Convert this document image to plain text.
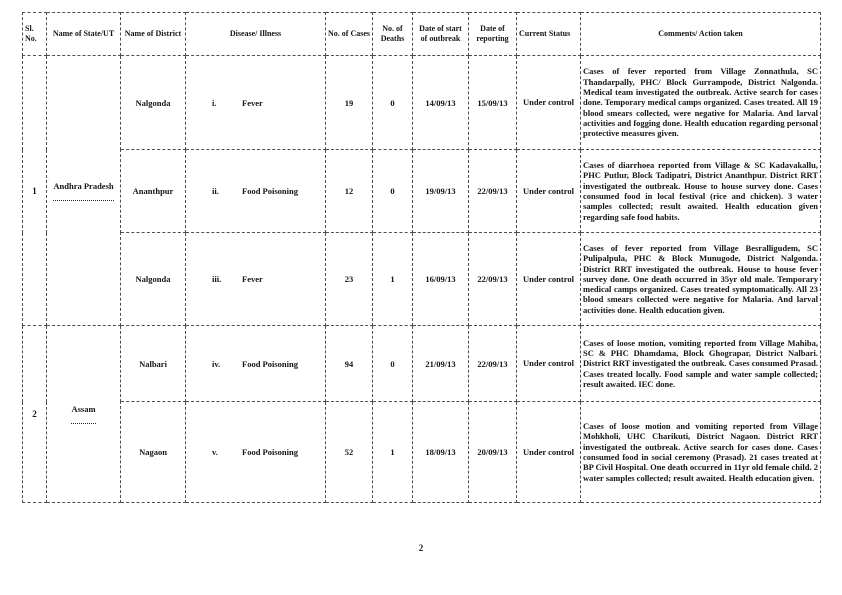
Sl. No.	Name of State/UT	Name of District	Disease/ Illness	No. of Cases	No. of Deaths	Date of start of outbreak	Date of reporting	Current Status	Comments/ Action taken
1	Andhra Pradesh	Nalgonda	i. Fever	19	0	14/09/13	15/09/13	Under control	Cases of fever reported from Village Zonnathula, SC Thandarpally, PHC/ Block Gurrampode, District Nalgonda. Medical team investigated the outbreak. Active search for cases done. Temporary medical camps organized. Cases treated. All 19 blood smears collected, were negative for Malaria. And larval activities and fogging done. Health education regarding personal protective measures given.
		Ananthpur	ii. Food Poisoning	12	0	19/09/13	22/09/13	Under control	Cases of diarrhoea reported from Village & SC Kadavakallu, PHC Putlur, Block Tadipatri, District Ananthpur. District RRT investigated the outbreak. House to house survey done. Cases consumed food in local festival (rice and chicken). 3 water samples collected; result awaited. Health education given regarding safe food habits.
		Nalgonda	iii. Fever	23	1	16/09/13	22/09/13	Under control	Cases of fever reported from Village Besralligudem, SC Pulipalpula, PHC & Block Munugode, District Nalgonda. District RRT investigated the outbreak. House to house fever survey done. One death occurred in 35yr old male. Temporary medical camps organized. Cases treated symptomatically. All 23 blood smears collected were negative for Malaria. And larval activities done. Health education given.
2	Assam	Nalbari	iv. Food Poisoning	94	0	21/09/13	22/09/13	Under control	Cases of loose motion, vomiting reported from Village Mahiba, SC & PHC Dhamdama, Block Ghograpar, District Nalbari. District RRT investigated the outbreak. Cases consumed Prasad. Cases treated locally. Food sample and water sample collected; result awaited. IEC done.
		Nagaon	v. Food Poisoning	52	1	18/09/13	20/09/13	Under control	Cases of loose motion and vomiting reported from Village Mohkholi, UHC Charikuti, District Nagaon. District RRT investigated the outbreak. Active search for cases done. Cases consumed food in social ceremony (Prasad). 21 cases treated at BP Civil Hospital. One death occurred in 11yr old female child. 2 water samples collected; result awaited. Health education given.
2
